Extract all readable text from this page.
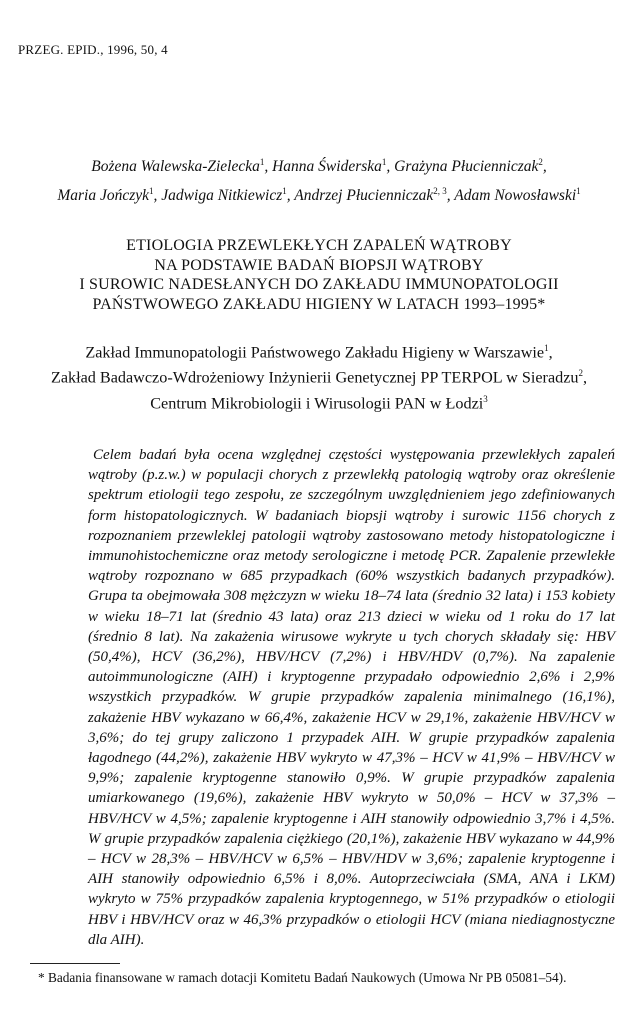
PRZEG. EPID., 1996, 50, 4
Bożena Walewska-Zielecka$^1$, Hanna Świderska$^1$, Grażyna Płucienniczak$^2$,
Maria Jończyk$^1$, Jadwiga Nitkiewicz$^1$, Andrzej Płucienniczak$^{2, 3}$, Adam Nowosławski$^1$
ETIOLOGIA PRZEWLEKŁYCH ZAPALEŃ WĄTROBY
NA PODSTAWIE BADAŃ BIOPSJI WĄTROBY
I SUROWIC NADESŁANYCH DO ZAKŁADU IMMUNOPATOLOGII
PAŃSTWOWEGO ZAKŁADU HIGIENY W LATACH 1993–1995*
Zakład Immunopatologii Państwowego Zakładu Higieny w Warszawie$^1$,
Zakład Badawczo-Wdrożeniowy Inżynierii Genetycznej PP TERPOL w Sieradzu$^2$,
Centrum Mikrobiologii i Wirusologii PAN w Łodzi$^3$

Celem badań była ocena względnej częstości występowania przewlekłych zapaleń wątroby (p.z.w.) w populacji chorych z przewlekłą patologią wątroby oraz określenie spektrum etiologii tego zespołu, ze szczególnym uwzględnieniem jego zdefiniowanych form histopatologicznych. W badaniach biopsji wątroby i surowic 1156 chorych z rozpoznaniem przewleklej patologii wątroby zastosowano metody histopatologiczne i immunohistochemiczne oraz metody serologiczne i metodę PCR. Zapalenie przewlekłe wątroby rozpoznano w 685 przypadkach (60% wszystkich badanych przypadków). Grupa ta obejmowała 308 mężczyzn w wieku 18–74 lata (średnio 32 lata) i 153 kobiety w wieku 18–71 lat (średnio 43 lata) oraz 213 dzieci w wieku od 1 roku do 17 lat (średnio 8 lat). Na zakażenia wirusowe wykryte u tych chorych składały się: HBV (50,4%), HCV (36,2%), HBV/HCV (7,2%) i HBV/HDV (0,7%). Na zapalenie autoimmunologiczne (AIH) i kryptogenne przypadało odpowiednio 2,6% i 2,9% wszystkich przypadków. W grupie przypadków zapalenia minimalnego (16,1%), zakażenie HBV wykazano w 66,4%, zakażenie HCV w 29,1%, zakażenie HBV/HCV w 3,6%; do tej grupy zaliczono 1 przypadek AIH. W grupie przypadków zapalenia łagodnego (44,2%), zakażenie HBV wykryto w 47,3% – HCV w 41,9% – HBV/HCV w 9,9%; zapalenie kryptogenne stanowiło 0,9%. W grupie przypadków zapalenia umiarkowanego (19,6%), zakażenie HBV wykryto w 50,0% – HCV w 37,3% – HBV/HCV w 4,5%; zapalenie kryptogenne i AIH stanowiły odpowiednio 3,7% i 4,5%. W grupie przypadków zapalenia ciężkiego (20,1%), zakażenie HBV wykazano w 44,9% – HCV w 28,3% – HBV/HCV w 6,5% – HBV/HDV w 3,6%; zapalenie kryptogenne i AIH stanowiły odpowiednio 6,5% i 8,0%. Autoprzeciwciała (SMA, ANA i LKM) wykryto w 75% przypadków zapalenia kryptogennego, w 51% przypadków o etiologii HBV i HBV/HCV oraz w 46,3% przypadków o etiologii HCV (miana niediagnostyczne dla AIH).

* Badania finansowane w ramach dotacji Komitetu Badań Naukowych (Umowa Nr PB 05081–54).
